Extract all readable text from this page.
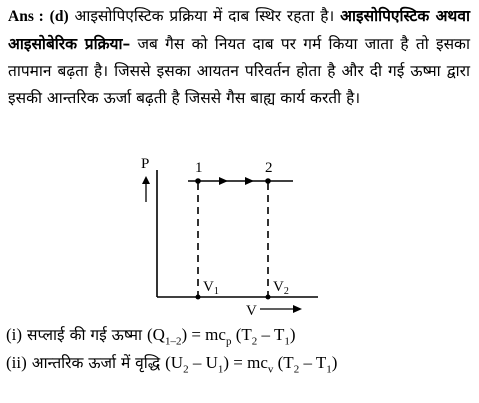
Ans : (d) आइसोपिएस्टिक प्रक्रिया में दाब स्थिर रहता है। आइसोपिएस्टिक अथवा आइसोबेरिक प्रक्रिया– जब गैस को नियत दाब पर गर्म किया जाता है तो इसका तापमान बढ़ता है। जिससे इसका आयतन परिवर्तन होता है और दी गई ऊष्मा द्वारा इसकी आन्तरिक ऊर्जा बढ़ती है जिससे गैस बाह्य कार्य करती है।
P
V
1	2
$V_1$	$V_2$
(i) सप्लाई की गई ऊष्मा $(Q_{1-2}) = mc_p$ $(T_2 - T_1)$
(ii) आन्तरिक ऊर्जा में वृद्धि $(U_2 - U_1) = mc_v$ $(T_2 - T_1)$
